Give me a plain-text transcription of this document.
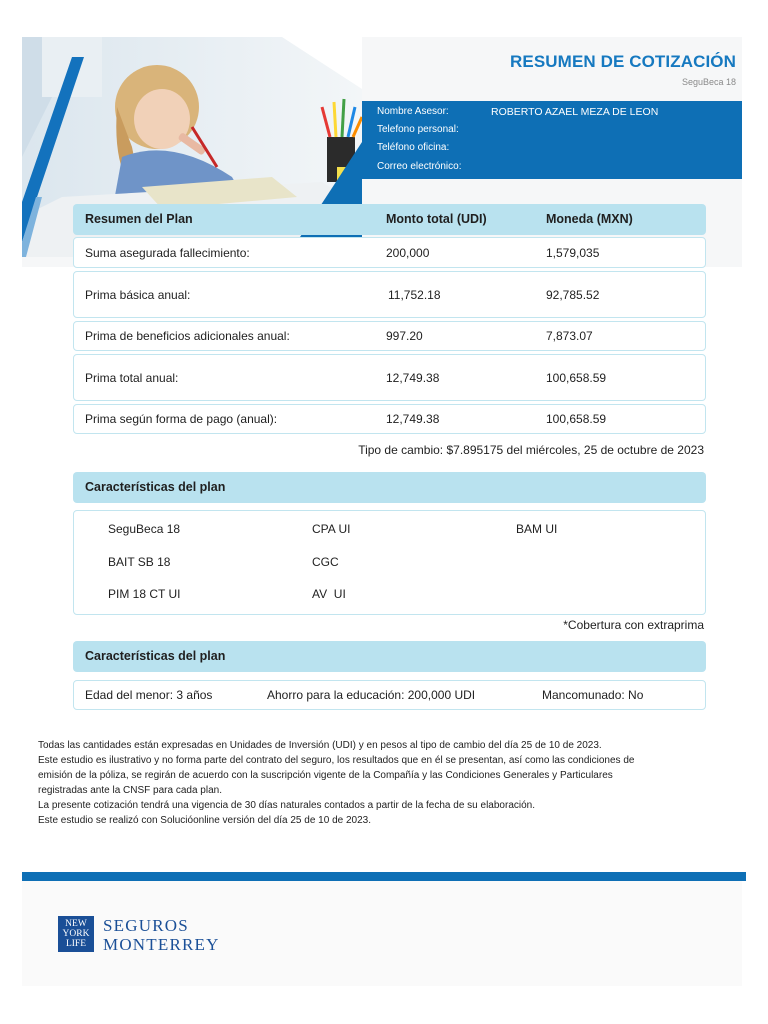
RESUMEN DE COTIZACIÓN
SeguBeca 18
Nombre Asesor:	ROBERTO AZAEL MEZA DE LEON
Telefono personal:
Teléfono oficina:
Correo electrónico:
Resumen del Plan	Monto total (UDI)	Moneda (MXN)
Suma asegurada fallecimiento:	200,000	1,579,035
Prima básica anual:	11,752.18	92,785.52
Prima de beneficios adicionales anual:	997.20	7,873.07
Prima total anual:	12,749.38	100,658.59
Prima según forma de pago (anual):	12,749.38	100,658.59
Tipo de cambio: $7.895175 del miércoles, 25 de octubre de 2023
Características del plan
SeguBeca 18	CPA UI	BAM UI
BAIT SB 18	CGC
PIM 18 CT UI	AV  UI
*Cobertura con extraprima
Características del plan
Edad del menor: 3 años	Ahorro para la educación: 200,000 UDI	Mancomunado: No
Todas las cantidades están expresadas en Unidades de Inversión (UDI) y en pesos al tipo de cambio del día 25 de 10 de 2023.
Este estudio es ilustrativo y no forma parte del contrato del seguro, los resultados que en él se presentan, así como las condiciones de
emisión de la póliza, se regirán de acuerdo con la suscripción vigente de la Compañía y las Condiciones Generales y Particulares
registradas ante la CNSF para cada plan.
La presente cotización tendrá una vigencia de 30 días naturales contados a partir de la fecha de su elaboración.
Este estudio se realizó con Solucióonline versión del día 25 de 10 de 2023.
NEW
YORK
LIFE
SEGUROS
MONTERREY
